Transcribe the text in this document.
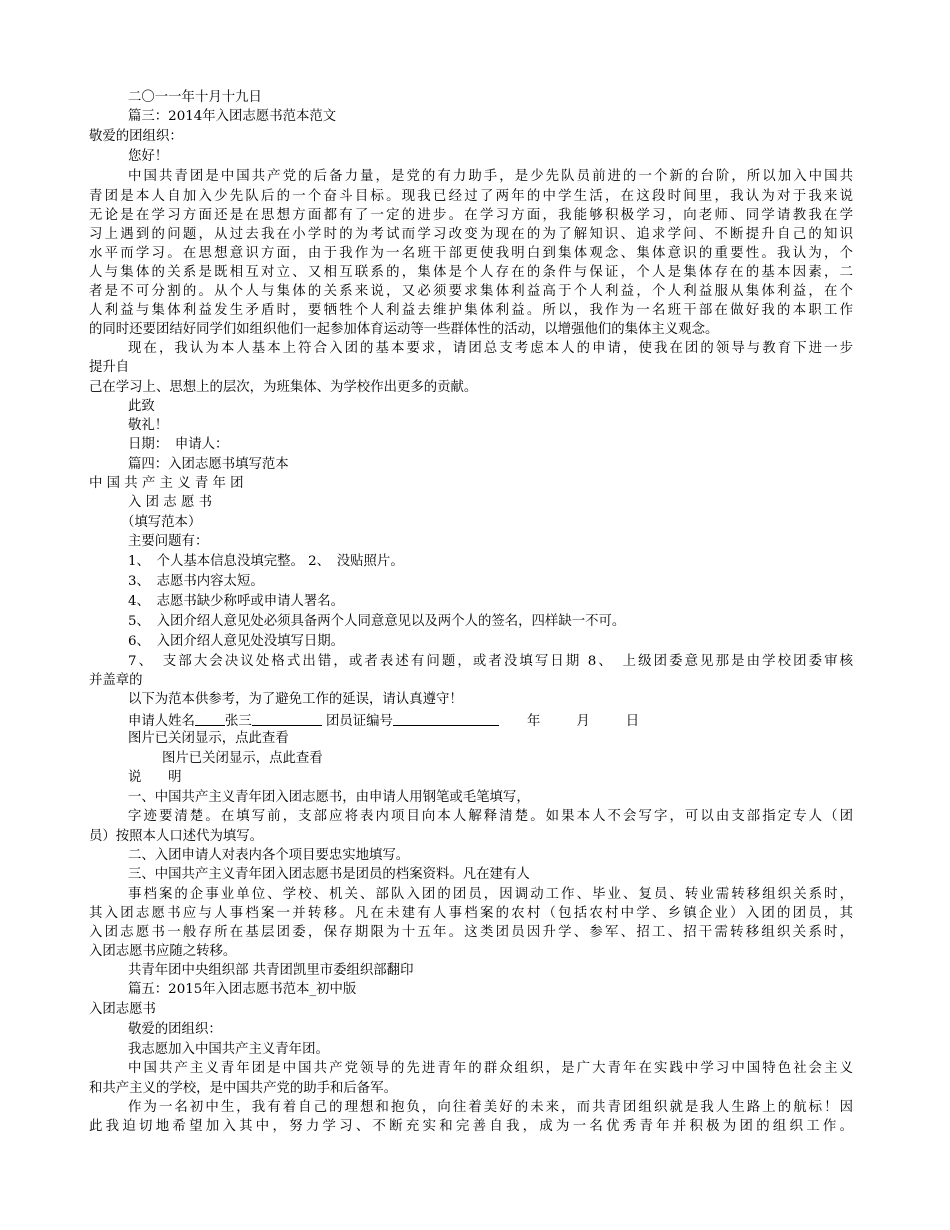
二〇一一年十月十九日
篇三：2014年入团志愿书范本范文
敬爱的团组织：
您好！
中国共青团是中国共产党的后备力量，是党的有力助手，是少先队员前进的一个新的台阶，所以加入中国共
青团是本人自加入少先队后的一个奋斗目标。现我已经过了两年的中学生活，在这段时间里，我认为对于我来说
无论是在学习方面还是在思想方面都有了一定的进步。在学习方面，我能够积极学习，向老师、同学请教我在学
习上遇到的问题，从过去我在小学时的为考试而学习改变为现在的为了解知识、追求学问、不断提升自己的知识
水平而学习。在思想意识方面，由于我作为一名班干部更使我明白到集体观念、集体意识的重要性。我认为，个
人与集体的关系是既相互对立、又相互联系的，集体是个人存在的条件与保证，个人是集体存在的基本因素，二
者是不可分割的。从个人与集体的关系来说，又必须要求集体利益高于个人利益，个人利益服从集体利益，在个
人利益与集体利益发生矛盾时，要牺牲个人利益去维护集体利益。所以，我作为一名班干部在做好我的本职工作
的同时还要团结好同学们如组织他们一起参加体育运动等一些群体性的活动，以增强他们的集体主义观念。
现在，我认为本人基本上符合入团的基本要求，请团总支考虑本人的申请，使我在团的领导与教育下进一步
提升自
己在学习上、思想上的层次，为班集体、为学校作出更多的贡献。
此致
敬礼！
日期：　申请人：
篇四：入团志愿书填写范本
中 国 共 产 主 义 青 年 团
入 团 志 愿 书
（填写范本）
主要问题有：
1、　个人基本信息没填完整。 2、　没贴照片。
3、　志愿书内容太短。
4、　志愿书缺少称呼或申请人署名。
5、　入团介绍人意见处必须具备两个人同意意见以及两个人的签名，四样缺一不可。
6、　入团介绍人意见处没填写日期。
7、　支部大会决议处格式出错，或者表述有问题，或者没填写日期 8、　上级团委意见那是由学校团委审核
并盖章的
以下为范本供参考，为了避免工作的延误，请认真遵守！
申请人姓名 张三	团员证编号	年	月	日
图片已关闭显示，点此查看
图片已关闭显示，点此查看
说　　明
一、中国共产主义青年团入团志愿书，由申请人用钢笔或毛笔填写，
字迹要清楚。在填写前，支部应将表内项目向本人解释清楚。如果本人不会写字，可以由支部指定专人（团
员）按照本人口述代为填写。
二、入团申请人对表内各个项目要忠实地填写。
三、中国共产主义青年团入团志愿书是团员的档案资料。凡在建有人
事档案的企事业单位、学校、机关、部队入团的团员，因调动工作、毕业、复员、转业需转移组织关系时，
其入团志愿书应与人事档案一并转移。凡在未建有人事档案的农村（包括农村中学、乡镇企业）入团的团员，其
入团志愿书一般存所在基层团委，保存期限为十五年。这类团员因升学、参军、招工、招干需转移组织关系时，
入团志愿书应随之转移。
共青年团中央组织部 共青团凯里市委组织部翻印
篇五：2015年入团志愿书范本_初中版
入团志愿书
敬爱的团组织：
我志愿加入中国共产主义青年团。
中国共产主义青年团是中国共产党领导的先进青年的群众组织，是广大青年在实践中学习中国特色社会主义
和共产主义的学校，是中国共产党的助手和后备军。
作为一名初中生，我有着自己的理想和抱负，向往着美好的未来，而共青团组织就是我人生路上的航标！因
此我迫切地希望加入其中，努力学习、不断充实和完善自我，成为一名优秀青年并积极为团的组织工作。
